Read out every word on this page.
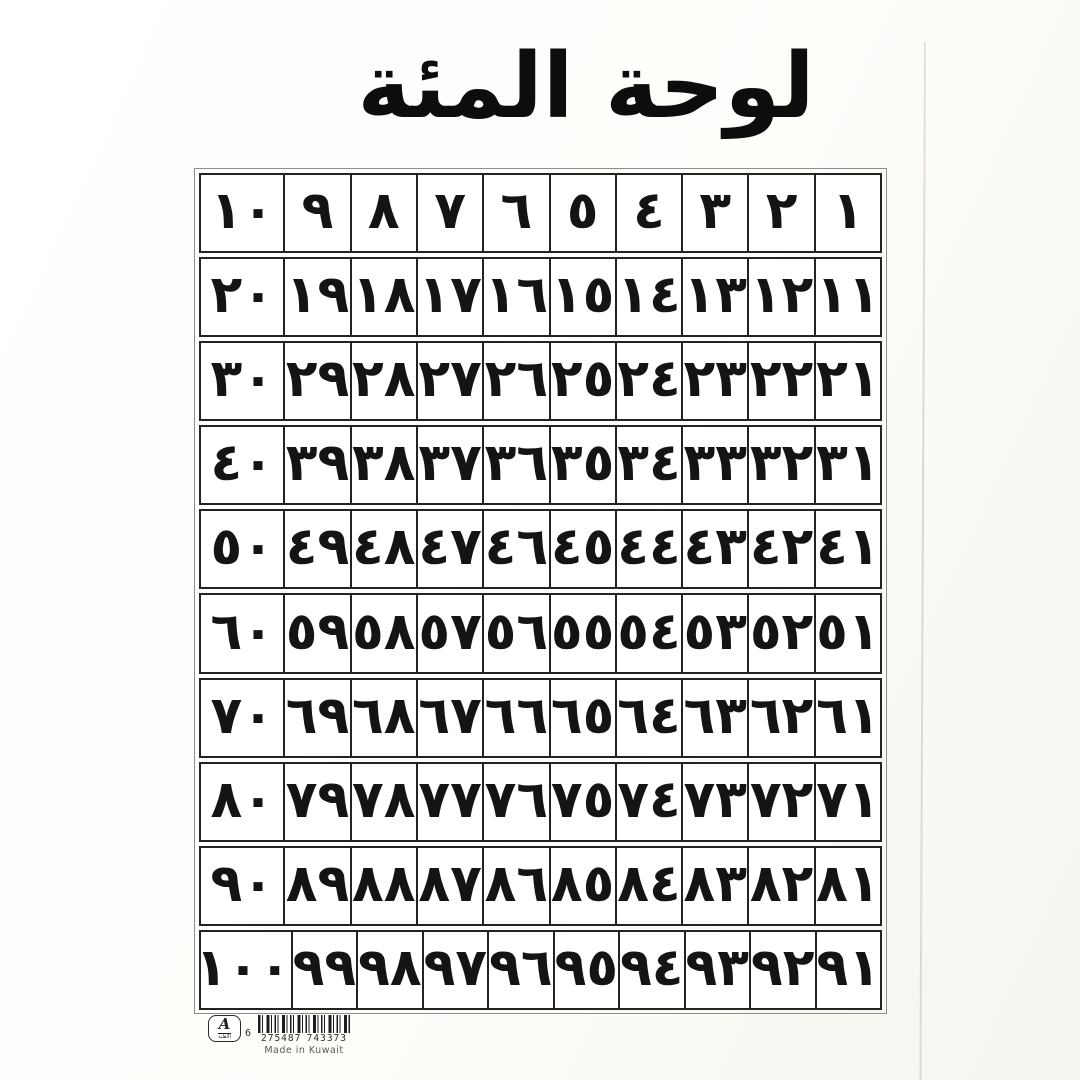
لوحة المئة
١
٢
٣
٤
٥
٦
٧
٨
٩
١٠
١١
١٢
١٣
١٤
١٥
١٦
١٧
١٨
١٩
٢٠
٢١
٢٢
٢٣
٢٤
٢٥
٢٦
٢٧
٢٨
٢٩
٣٠
٣١
٣٢
٣٣
٣٤
٣٥
٣٦
٣٧
٣٨
٣٩
٤٠
٤١
٤٢
٤٣
٤٤
٤٥
٤٦
٤٧
٤٨
٤٩
٥٠
٥١
٥٢
٥٣
٥٤
٥٥
٥٦
٥٧
٥٨
٥٩
٦٠
٦١
٦٢
٦٣
٦٤
٦٥
٦٦
٦٧
٦٨
٦٩
٧٠
٧١
٧٢
٧٣
٧٤
٧٥
٧٦
٧٧
٧٨
٧٩
٨٠
٨١
٨٢
٨٣
٨٤
٨٥
٨٦
٨٧
٨٨
٨٩
٩٠
٩١
٩٢
٩٣
٩٤
٩٥
٩٦
٩٧
٩٨
٩٩
١٠٠
A
الأهلية 6 275487 743373
Made in Kuwait
